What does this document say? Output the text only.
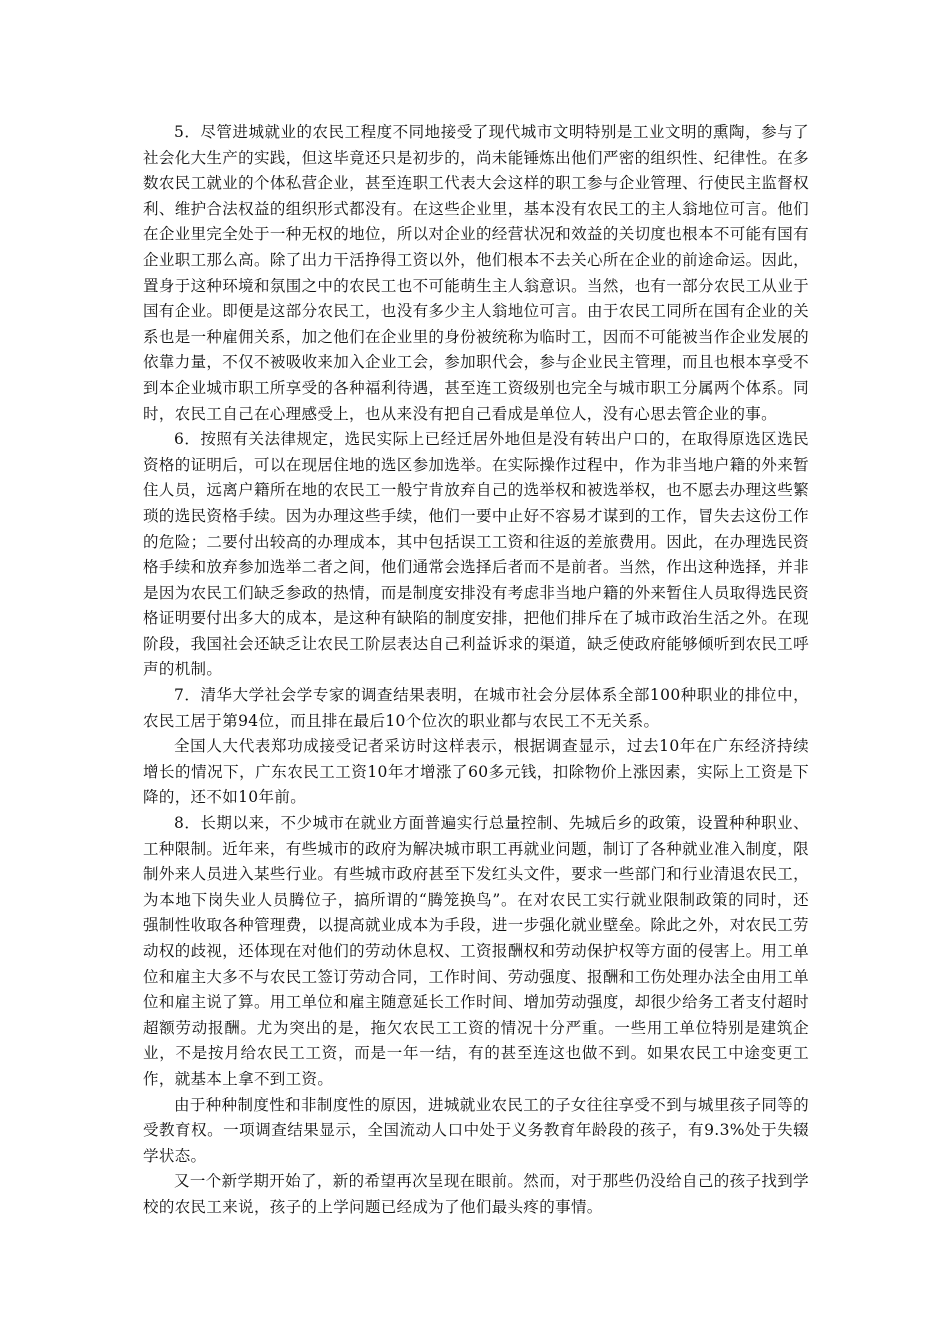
5．尽管进城就业的农民工程度不同地接受了现代城市文明特别是工业文明的熏陶，参与了社会化大生产的实践，但这毕竟还只是初步的，尚未能锤炼出他们严密的组织性、纪律性。在多数农民工就业的个体私营企业，甚至连职工代表大会这样的职工参与企业管理、行使民主监督权利、维护合法权益的组织形式都没有。在这些企业里，基本没有农民工的主人翁地位可言。他们在企业里完全处于一种无权的地位，所以对企业的经营状况和效益的关切度也根本不可能有国有企业职工那么高。除了出力干活挣得工资以外，他们根本不去关心所在企业的前途命运。因此，置身于这种环境和氛围之中的农民工也不可能萌生主人翁意识。当然，也有一部分农民工从业于国有企业。即便是这部分农民工，也没有多少主人翁地位可言。由于农民工同所在国有企业的关系也是一种雇佣关系，加之他们在企业里的身份被统称为临时工，因而不可能被当作企业发展的依靠力量，不仅不被吸收来加入企业工会，参加职代会，参与企业民主管理，而且也根本享受不到本企业城市职工所享受的各种福利待遇，甚至连工资级别也完全与城市职工分属两个体系。同时，农民工自己在心理感受上，也从来没有把自己看成是单位人，没有心思去管企业的事。

6．按照有关法律规定，选民实际上已经迁居外地但是没有转出户口的，在取得原选区选民资格的证明后，可以在现居住地的选区参加选举。在实际操作过程中，作为非当地户籍的外来暂住人员，远离户籍所在地的农民工一般宁肯放弃自己的选举权和被选举权，也不愿去办理这些繁琐的选民资格手续。因为办理这些手续，他们一要中止好不容易才谋到的工作，冒失去这份工作的危险；二要付出较高的办理成本，其中包括误工工资和往返的差旅费用。因此，在办理选民资格手续和放弃参加选举二者之间，他们通常会选择后者而不是前者。当然，作出这种选择，并非是因为农民工们缺乏参政的热情，而是制度安排没有考虑非当地户籍的外来暂住人员取得选民资格证明要付出多大的成本，是这种有缺陷的制度安排，把他们排斥在了城市政治生活之外。在现阶段，我国社会还缺乏让农民工阶层表达自己利益诉求的渠道，缺乏使政府能够倾听到农民工呼声的机制。

7．清华大学社会学专家的调查结果表明，在城市社会分层体系全部100种职业的排位中，农民工居于第94位，而且排在最后10个位次的职业都与农民工不无关系。

全国人大代表郑功成接受记者采访时这样表示，根据调查显示，过去10年在广东经济持续增长的情况下，广东农民工工资10年才增涨了60多元钱，扣除物价上涨因素，实际上工资是下降的，还不如10年前。

8．长期以来，不少城市在就业方面普遍实行总量控制、先城后乡的政策，设置种种职业、工种限制。近年来，有些城市的政府为解决城市职工再就业问题，制订了各种就业准入制度，限制外来人员进入某些行业。有些城市政府甚至下发红头文件，要求一些部门和行业清退农民工，为本地下岗失业人员腾位子，搞所谓的“腾笼换鸟”。在对农民工实行就业限制政策的同时，还强制性收取各种管理费，以提高就业成本为手段，进一步强化就业壁垒。除此之外，对农民工劳动权的歧视，还体现在对他们的劳动休息权、工资报酬权和劳动保护权等方面的侵害上。用工单位和雇主大多不与农民工签订劳动合同，工作时间、劳动强度、报酬和工伤处理办法全由用工单位和雇主说了算。用工单位和雇主随意延长工作时间、增加劳动强度，却很少给务工者支付超时超额劳动报酬。尤为突出的是，拖欠农民工工资的情况十分严重。一些用工单位特别是建筑企业，不是按月给农民工工资，而是一年一结，有的甚至连这也做不到。如果农民工中途变更工作，就基本上拿不到工资。

由于种种制度性和非制度性的原因，进城就业农民工的子女往往享受不到与城里孩子同等的受教育权。一项调查结果显示，全国流动人口中处于义务教育年龄段的孩子，有9.3%处于失辍学状态。

又一个新学期开始了，新的希望再次呈现在眼前。然而，对于那些仍没给自己的孩子找到学校的农民工来说，孩子的上学问题已经成为了他们最头疼的事情。
